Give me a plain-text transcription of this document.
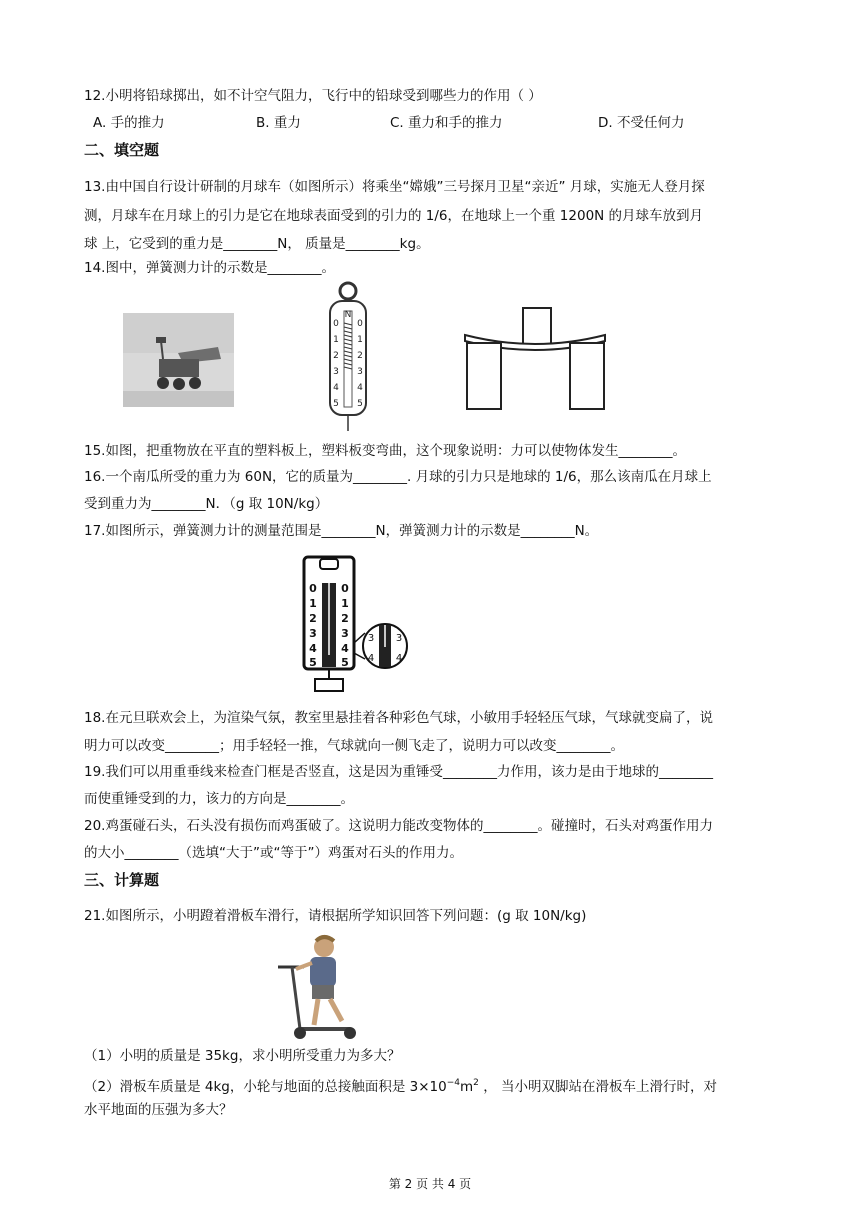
12.小明将铅球掷出，如不计空气阻力，飞行中的铅球受到哪些力的作用（ ）
A. 手的推力	B. 重力	C. 重力和手的推力	D. 不受任何力
二、填空题
13.由中国自行设计研制的月球车（如图所示）将乘坐“嫦娥”三号探月卫星“亲近” 月球，实施无人登月探
测，月球车在月球上的引力是它在地球表面受到的引力的 1/6，在地球上一个重 1200N 的月球车放到月
球 上，它受到的重力是________N， 质量是________kg。
14.图中，弹簧测力计的示数是________。
N
0
1
2
3
4
5
0
1
2
3
4
5
15.如图，把重物放在平直的塑料板上，塑料板变弯曲，这个现象说明：力可以使物体发生________。
16.一个南瓜所受的重力为 60N，它的质量为________. 月球的引力只是地球的 1/6，那么该南瓜在月球上
受到重力为________N．（g 取 10N/kg）
17.如图所示，弹簧测力计的测量范围是________N，弹簧测力计的示数是________N。
0
1
2
3
4
5
0
1
2
3
4
5
3
4
3
4
18.在元旦联欢会上，为渲染气氛，教室里悬挂着各种彩色气球，小敏用手轻轻压气球，气球就变扁了，说
明力可以改变________；用手轻轻一推，气球就向一侧飞走了，说明力可以改变________。
19.我们可以用重垂线来检查门框是否竖直，这是因为重锤受________力作用，该力是由于地球的________
而使重锤受到的力，该力的方向是________。
20.鸡蛋碰石头，石头没有损伤而鸡蛋破了。这说明力能改变物体的________。碰撞时，石头对鸡蛋作用力
的大小________（选填“大于”或“等于”）鸡蛋对石头的作用力。
三、计算题
21.如图所示，小明蹬着滑板车滑行，请根据所学知识回答下列问题：(g 取 10N/kg)
（1）小明的质量是 35kg，求小明所受重力为多大？
（2）滑板车质量是 4kg，小轮与地面的总接触面积是 $3\times 10^{-4}m^2$ ， 当小明双脚站在滑板车上滑行时，对
水平地面的压强为多大？
第 2 页 共 4 页
